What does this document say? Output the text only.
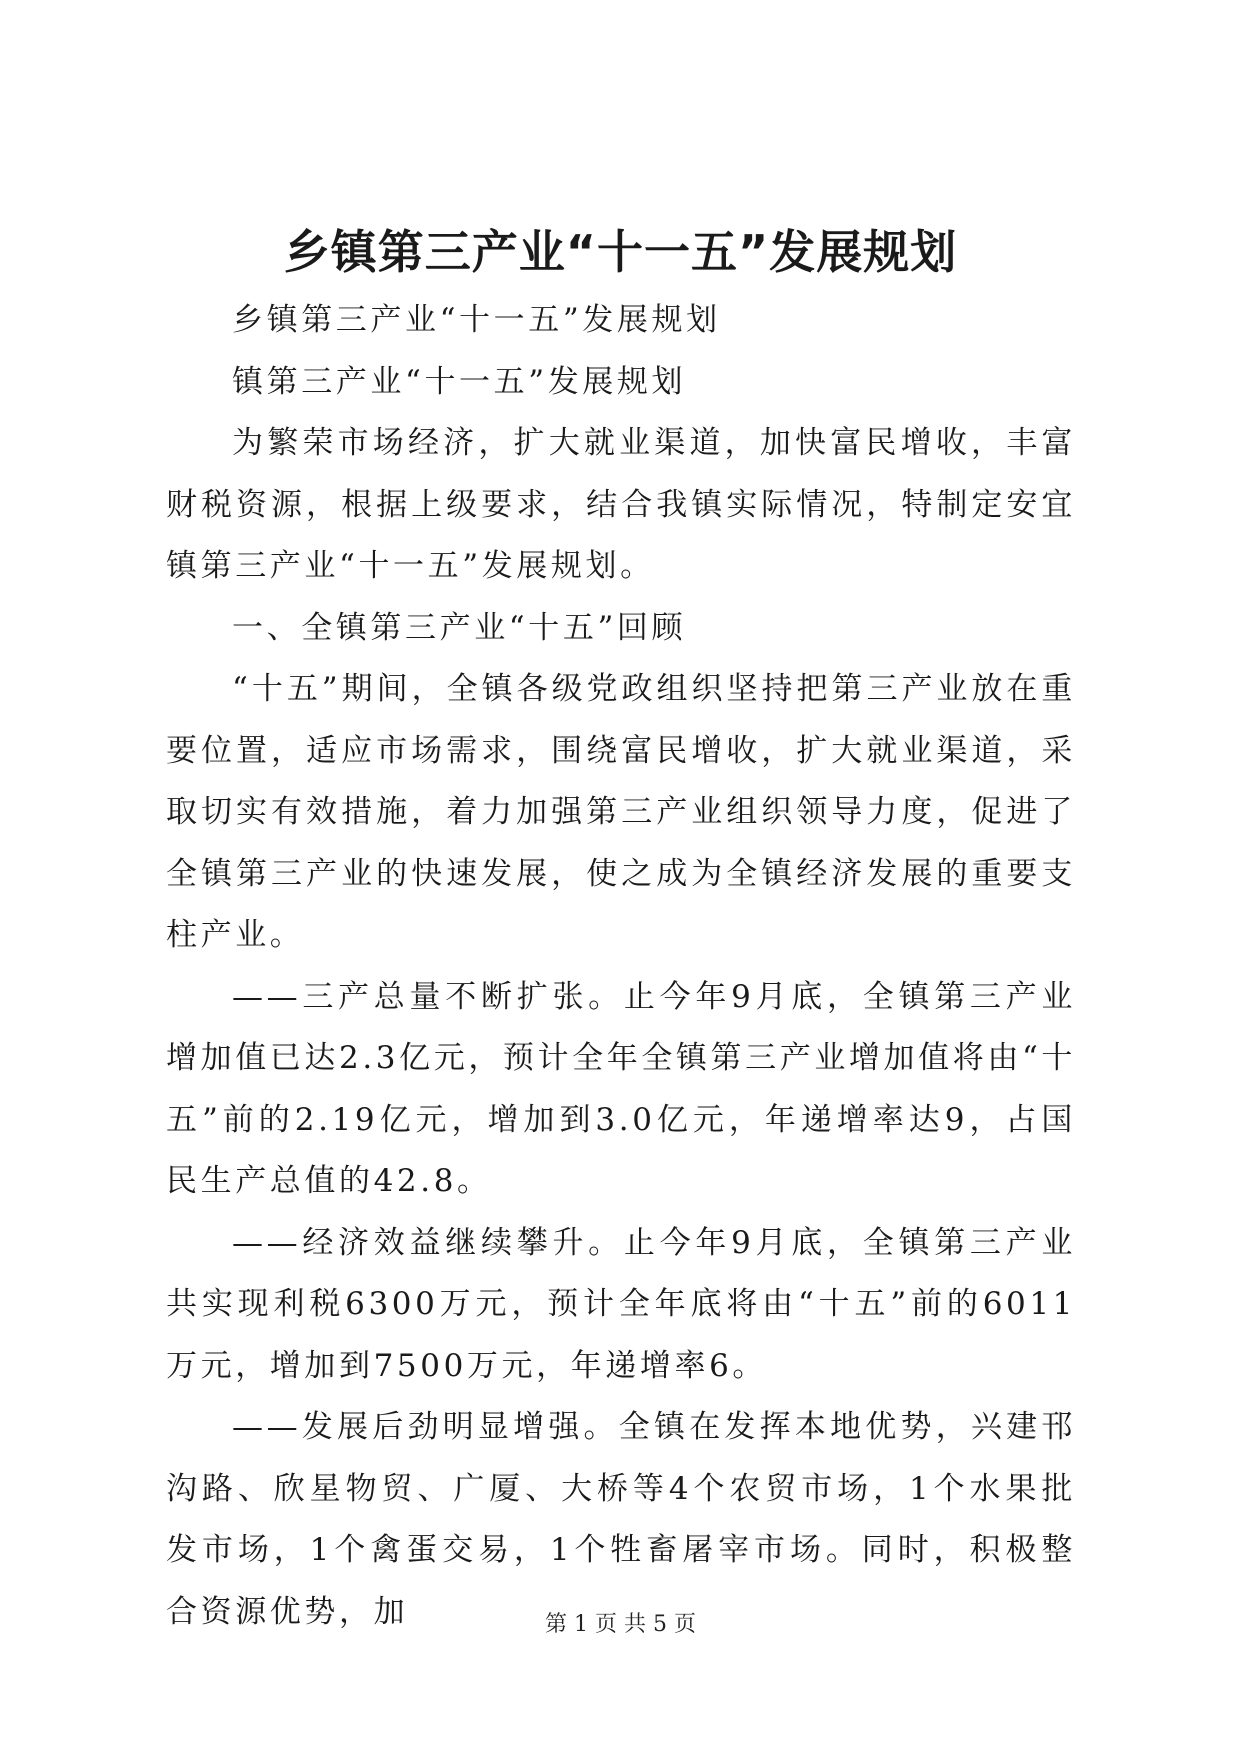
乡镇第三产业“十一五”发展规划

乡镇第三产业“十一五”发展规划

镇第三产业“十一五”发展规划

为繁荣市场经济，扩大就业渠道，加快富民增收，丰富财税资源，根据上级要求，结合我镇实际情况，特制定安宜镇第三产业“十一五”发展规划。

一、全镇第三产业“十五”回顾

“十五”期间，全镇各级党政组织坚持把第三产业放在重要位置，适应市场需求，围绕富民增收，扩大就业渠道，采取切实有效措施，着力加强第三产业组织领导力度，促进了全镇第三产业的快速发展，使之成为全镇经济发展的重要支柱产业。

——三产总量不断扩张。止今年9月底，全镇第三产业增加值已达2.3亿元，预计全年全镇第三产业增加值将由“十五”前的2.19亿元，增加到3.0亿元，年递增率达9，占国民生产总值的42.8。

——经济效益继续攀升。止今年9月底，全镇第三产业共实现利税6300万元，预计全年底将由“十五”前的6011万元，增加到7500万元，年递增率6。

——发展后劲明显增强。全镇在发挥本地优势，兴建邗沟路、欣星物贸、广厦、大桥等4个农贸市场，1个水果批发市场，1个禽蛋交易，1个牲畜屠宰市场。同时，积极整合资源优势，加	第 1 页 共 5 页
